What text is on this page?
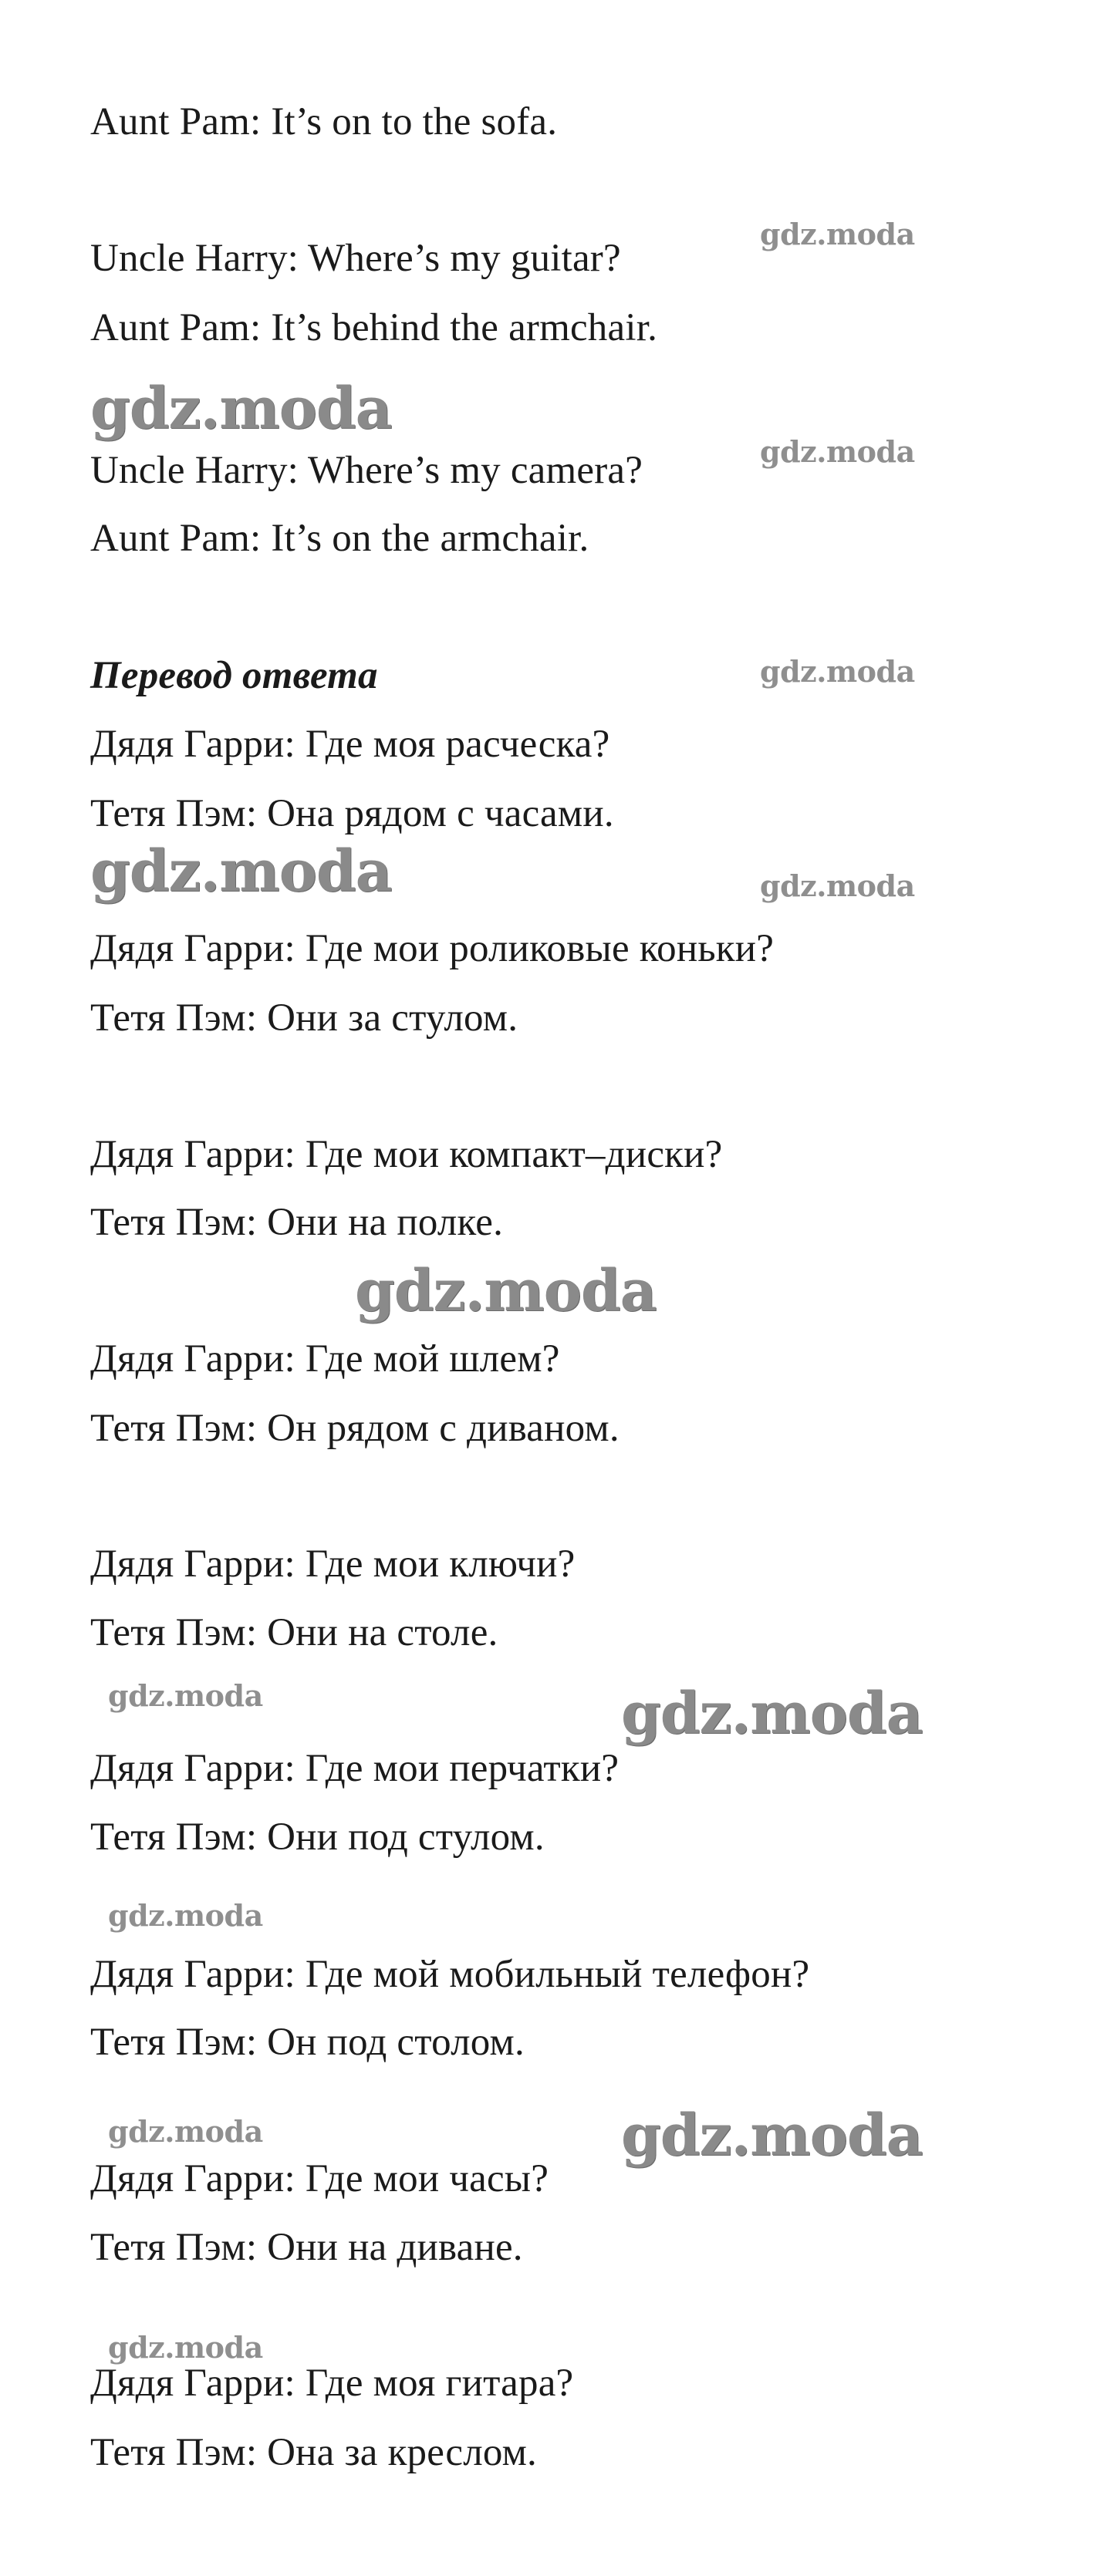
Aunt Pam: It’s on to the sofa.
Uncle Harry: Where’s my guitar?
Aunt Pam: It’s behind the armchair.
Uncle Harry: Where’s my camera?
Aunt Pam: It’s on the armchair.
Перевод ответа
Дядя Гарри: Где моя расческа?
Тетя Пэм: Она рядом с часами.
Дядя Гарри: Где мои роликовые коньки?
Тетя Пэм: Они за стулом.
Дядя Гарри: Где мои компакт–диски?
Тетя Пэм: Они на полке.
Дядя Гарри: Где мой шлем?
Тетя Пэм: Он рядом с диваном.
Дядя Гарри: Где мои ключи?
Тетя Пэм: Они на столе.
Дядя Гарри: Где мои перчатки?
Тетя Пэм: Они под стулом.
Дядя Гарри: Где мой мобильный телефон?
Тетя Пэм: Он под столом.
Дядя Гарри: Где мои часы?
Тетя Пэм: Они на диване.
Дядя Гарри: Где моя гитара?
Тетя Пэм: Она за креслом.
gdz.moda
gdz.moda
gdz.moda
gdz.moda
gdz.moda	gdz.moda
gdz.moda
gdz.moda	gdz.moda
gdz.moda
gdz.moda	gdz.moda
gdz.moda
